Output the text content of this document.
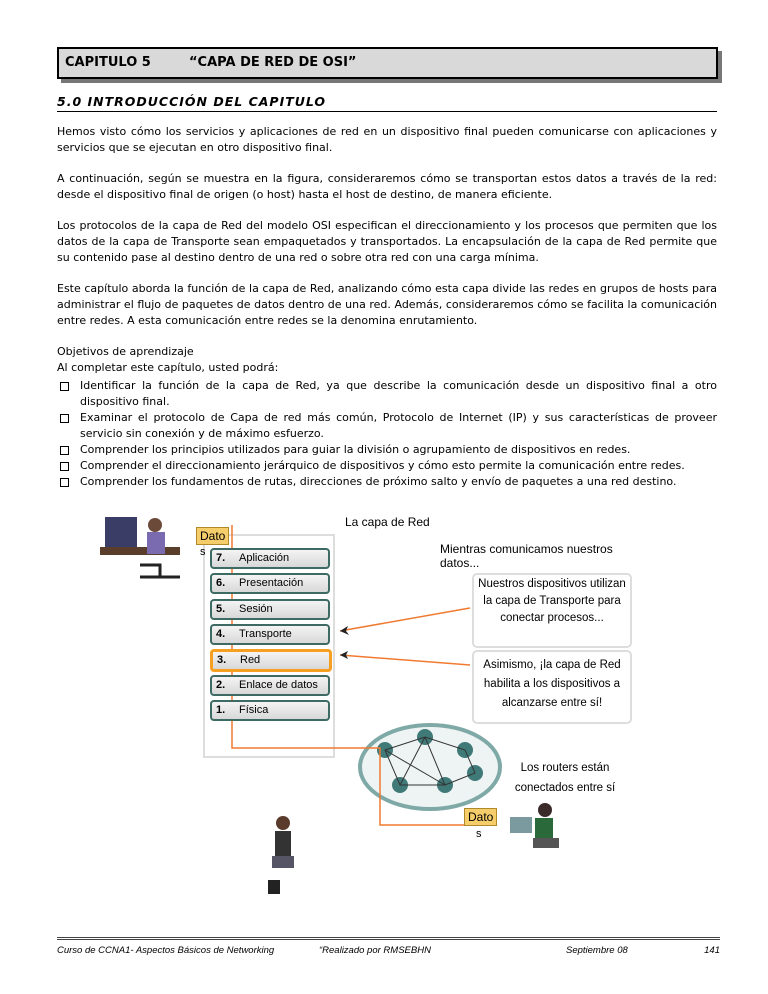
CAPITULO 5	“CAPA DE RED DE OSI”
5.0 INTRODUCCIÓN DEL CAPITULO
Hemos visto cómo los servicios y aplicaciones de red en un dispositivo final pueden comunicarse con aplicaciones y servicios que se ejecutan en otro dispositivo final.
A continuación, según se muestra en la figura, consideraremos cómo se transportan estos datos a través de la red: desde el dispositivo final de origen (o host) hasta el host de destino, de manera eficiente.
Los protocolos de la capa de Red del modelo OSI especifican el direccionamiento y los procesos que permiten que los datos de la capa de Transporte sean empaquetados y transportados. La encapsulación de la capa de Red permite que su contenido pase al destino dentro de una red o sobre otra red con una carga mínima.
Este capítulo aborda la función de la capa de Red, analizando cómo esta capa divide las redes en grupos de hosts para administrar el flujo de paquetes de datos dentro de una red. Además, consideraremos cómo se facilita la comunicación entre redes. A esta comunicación entre redes se la denomina enrutamiento.
Objetivos de aprendizaje
Al completar este capítulo, usted podrá:
Identificar la función de la capa de Red, ya que describe la comunicación desde un dispositivo final a otro dispositivo final.
Examinar el protocolo de Capa de red más común, Protocolo de Internet (IP) y sus características de proveer servicio sin conexión y de máximo esfuerzo.
Comprender los principios utilizados para guiar la división o agrupamiento de dispositivos en redes.
Comprender el direccionamiento jerárquico de dispositivos y cómo esto permite la comunicación entre redes.
Comprender los fundamentos de rutas, direcciones de próximo salto y envío de paquetes a una red destino.
La capa de Red
Mientras comunicamos nuestros datos...
Dato
s 7. Aplicación
6. Presentación
5. Sesión
4. Transporte
3. Red
2. Enlace de datos
1. Física
Nuestros dispositivos utilizan la capa de Transporte para conectar procesos...
Asimismo, ¡la capa de Red habilita a los dispositivos a alcanzarse entre sí!
Los routers están conectados entre sí
Dato
s
Curso de CCNA1- Aspectos Básicos de Networking	“Realizado por RMSEBHN	Septiembre 08	141
